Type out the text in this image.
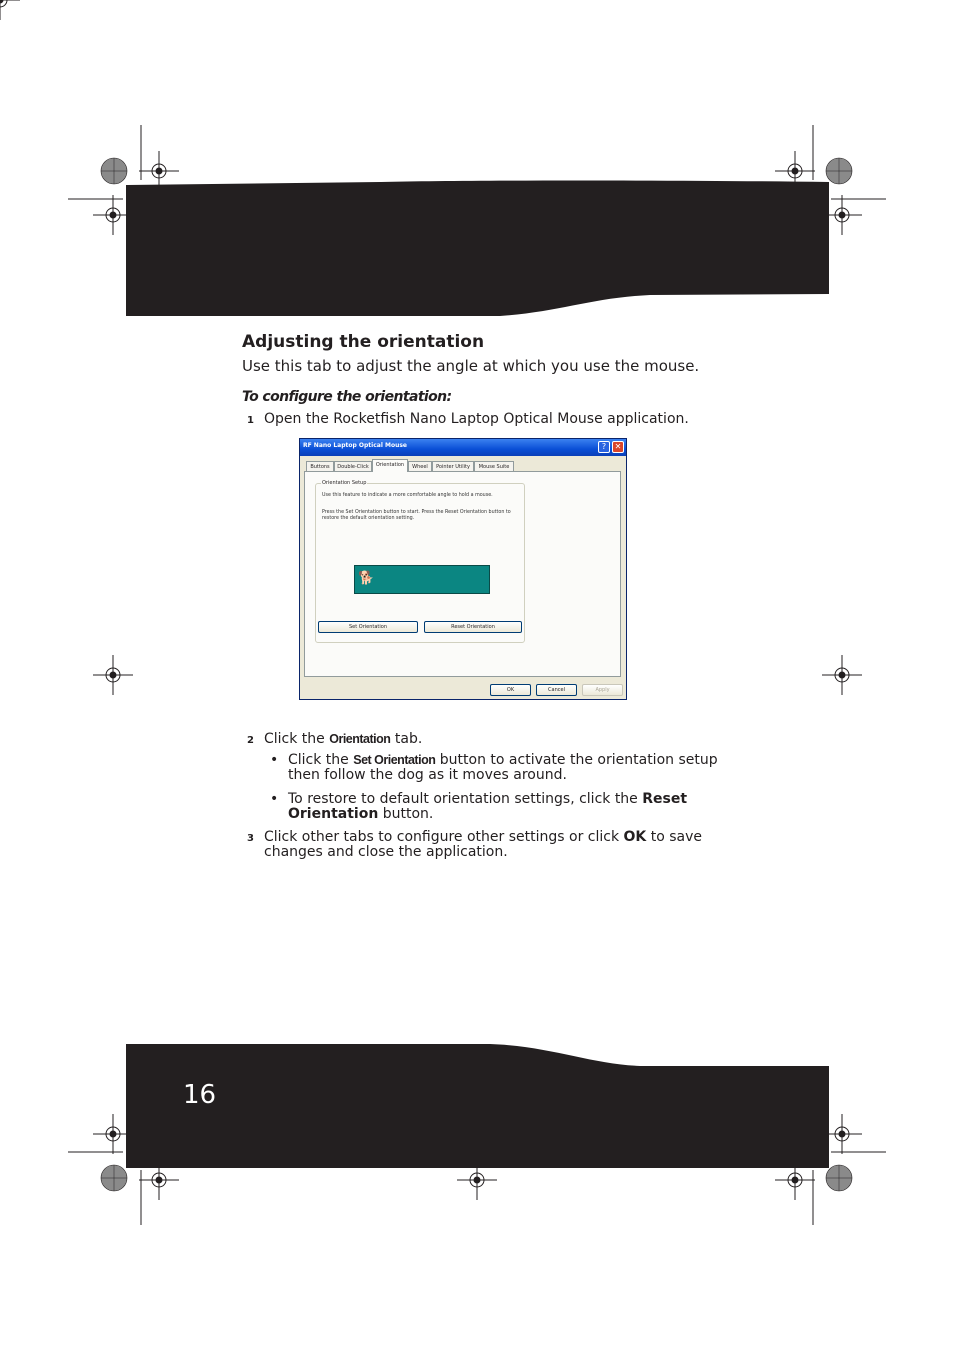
16
Adjusting the orientation
Use this tab to adjust the angle at which you use the mouse.
To configure the orientation:
1 Open the Rocketfish Nano Laptop Optical Mouse application.
RF Nano Laptop Optical Mouse	?	✕
Buttons	Double-Click	Orientation	Wheel	Pointer Utility	Mouse Suite
Orientation Setup
Use this feature to indicate a more comfortable angle to hold a mouse.
Press the Set Orientation button to start. Press the Reset Orientation button to restore the default orientation setting.
🐕
Set Orientation	Reset Orientation
OK	Cancel	Apply
2 Click the Orientation tab.
• Click the Set Orientation button to activate the orientation setup then follow the dog as it moves around.
• To restore to default orientation settings, click the Reset Orientation button.
3 Click other tabs to configure other settings or click OK to save changes and close the application.
